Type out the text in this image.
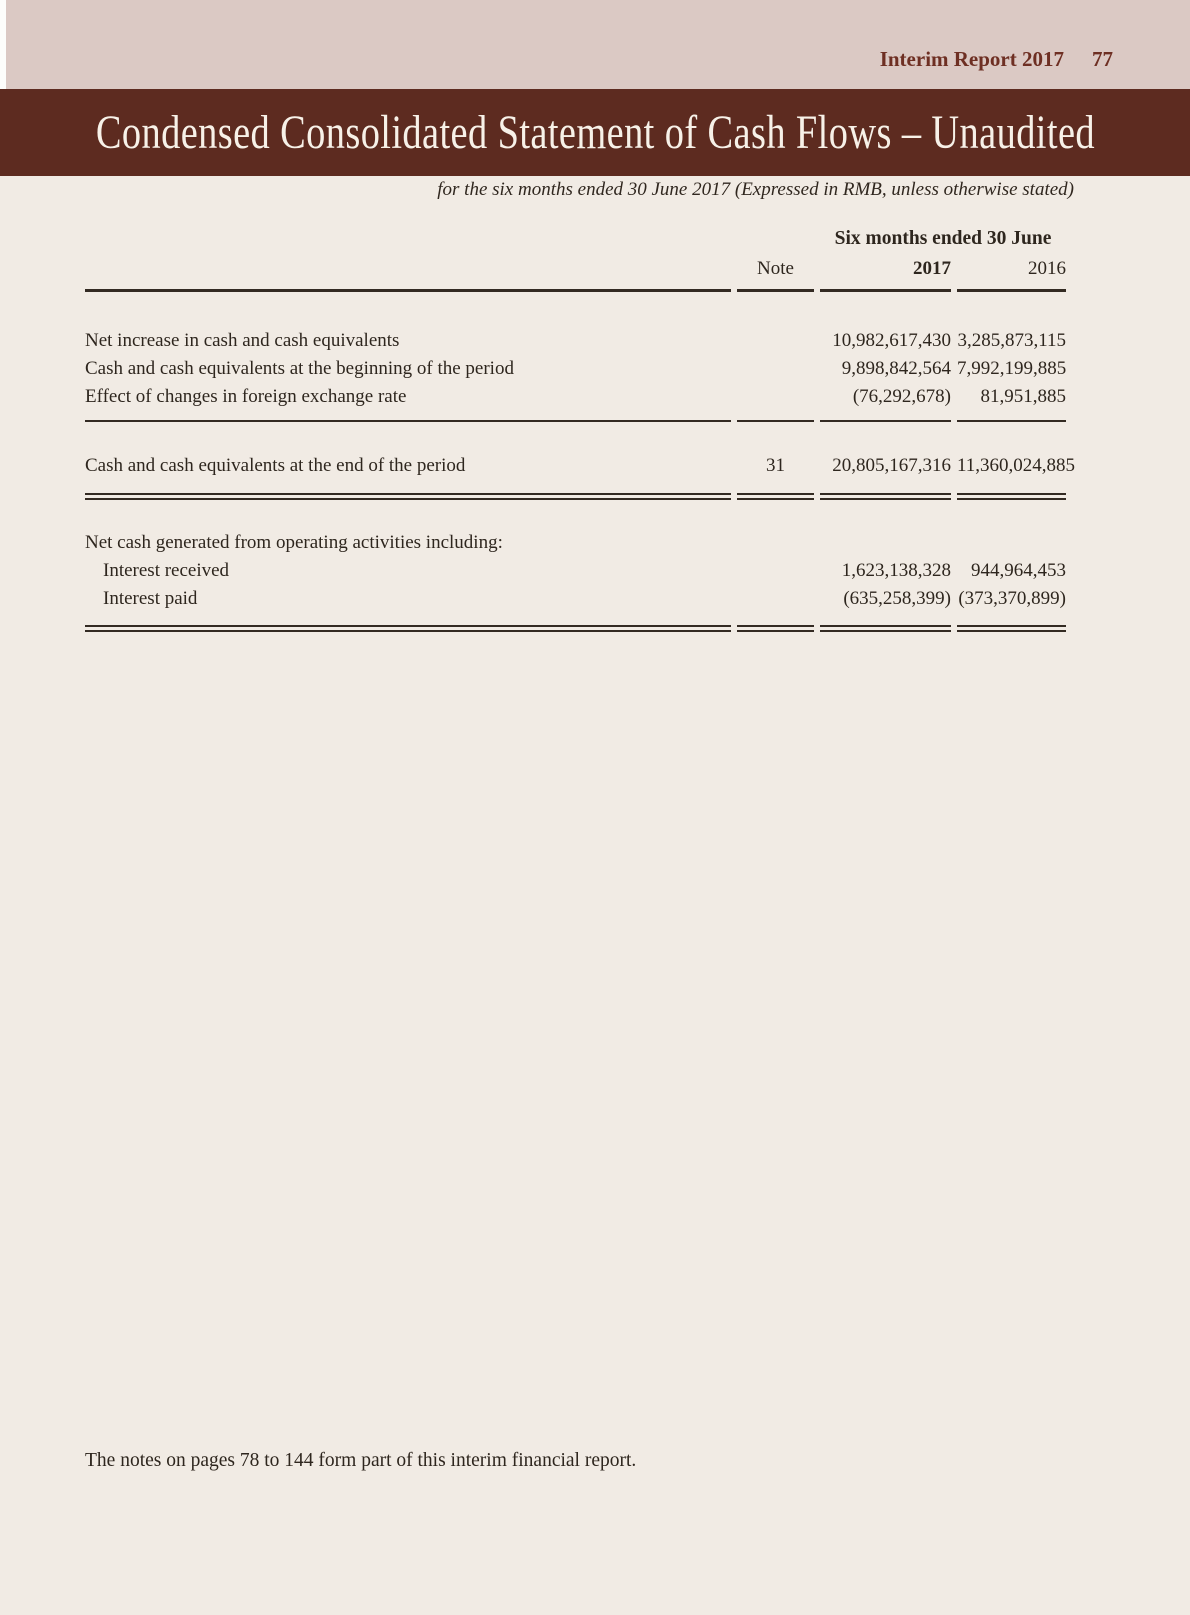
Interim Report 2017 77
Condensed Consolidated Statement of Cash Flows – Unaudited
for the six months ended 30 June 2017 (Expressed in RMB, unless otherwise stated)
		Six months ended 30 June	
	Note	2017	2016

Net increase in cash and cash equivalents		10,982,617,430	3,285,873,115
Cash and cash equivalents at the beginning of the period		9,898,842,564	7,992,199,885
Effect of changes in foreign exchange rate		(76,292,678)	81,951,885

Cash and cash equivalents at the end of the period	31	20,805,167,316	11,360,024,885

Net cash generated from operating activities including:			
Interest received		1,623,138,328	944,964,453
Interest paid		(635,258,399)	(373,370,899)

The notes on pages 78 to 144 form part of this interim financial report.
